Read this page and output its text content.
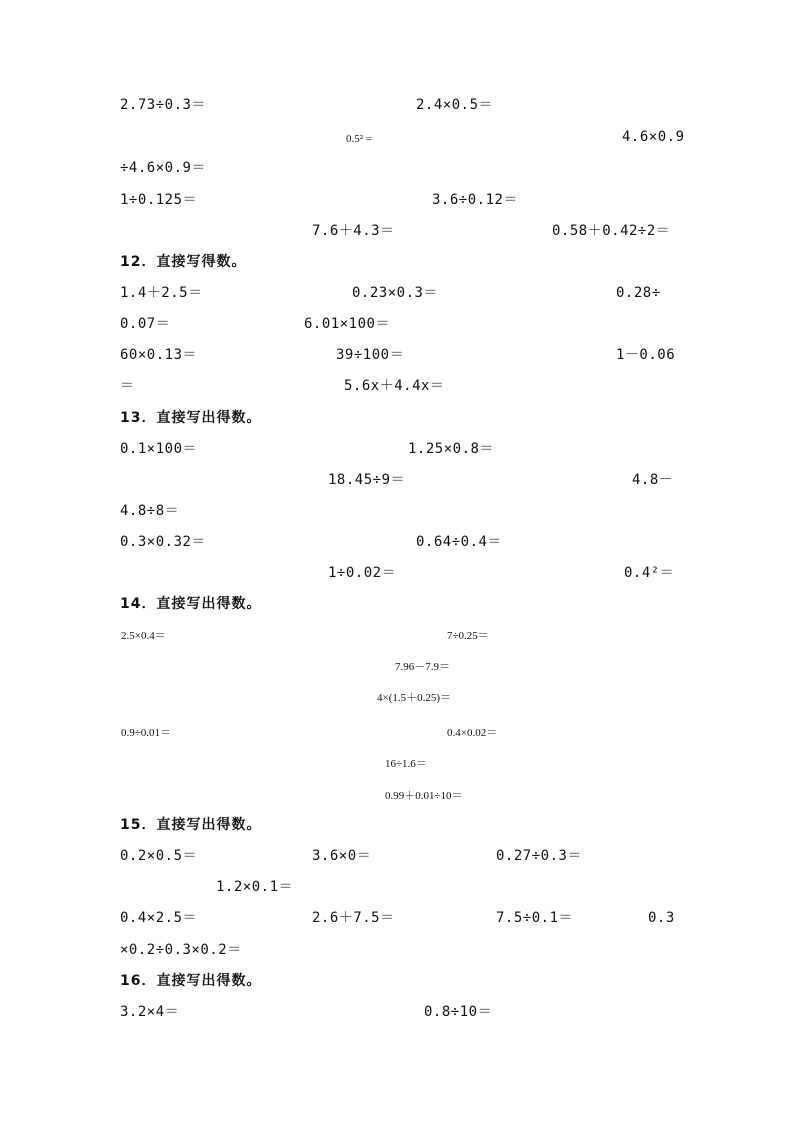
2.73÷0.3＝	2.4×0.5＝
0.5² =	4.6×0.9
÷4.6×0.9＝
1÷0.125＝	3.6÷0.12＝
7.6＋4.3＝	0.58＋0.42÷2＝
12．直接写得数。
1.4＋2.5＝	0.23×0.3＝	0.28÷
0.07＝	6.01×100＝
60×0.13＝	39÷100＝	1－0.06
＝	5.6x＋4.4x＝
13．直接写出得数。
0.1×100＝	1.25×0.8＝
18.45÷9＝	4.8－
4.8÷8＝
0.3×0.32＝	0.64÷0.4＝
1÷0.02＝	0.4²＝
14．直接写出得数。
2.5×0.4＝	7÷0.25＝
7.96－7.9＝
4×(1.5＋0.25)＝
0.9÷0.01＝	0.4×0.02＝
16÷1.6＝
0.99＋0.01÷10＝
15．直接写出得数。
0.2×0.5＝	3.6×0＝	0.27÷0.3＝
1.2×0.1＝
0.4×2.5＝	2.6＋7.5＝	7.5÷0.1＝	0.3
×0.2÷0.3×0.2＝
16．直接写出得数。
3.2×4＝	0.8÷10＝
